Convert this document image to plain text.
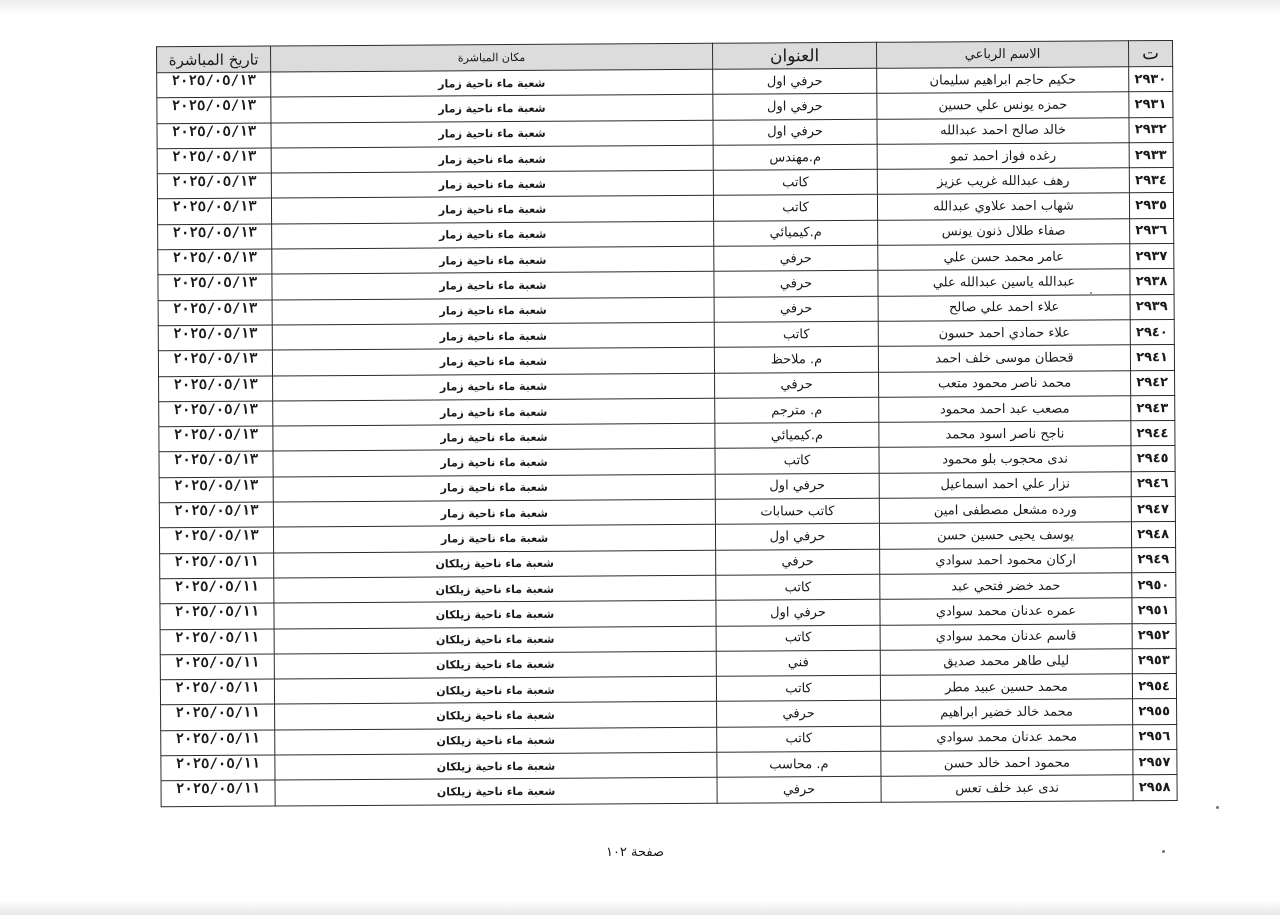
ت	الاسم الرباعي	العنوان	مكان المباشرة	تاريخ المباشرة
٢٩٣٠	حكيم حاجم ابراهيم سليمان	حرفي اول	شعبة ماء ناحية زمار	٢٠٢٥/٠٥/١٣
٢٩٣١	حمزه يونس علي حسين	حرفي اول	شعبة ماء ناحية زمار	٢٠٢٥/٠٥/١٣
٢٩٣٢	خالد صالح احمد عبدالله	حرفي اول	شعبة ماء ناحية زمار	٢٠٢٥/٠٥/١٣
٢٩٣٣	رغده فواز احمد تمو	م.مهندس	شعبة ماء ناحية زمار	٢٠٢٥/٠٥/١٣
٢٩٣٤	رهف عبدالله غريب عزيز	كاتب	شعبة ماء ناحية زمار	٢٠٢٥/٠٥/١٣
٢٩٣٥	شهاب احمد علاوي عبدالله	كاتب	شعبة ماء ناحية زمار	٢٠٢٥/٠٥/١٣
٢٩٣٦	صفاء طلال ذنون يونس	م.كيميائي	شعبة ماء ناحية زمار	٢٠٢٥/٠٥/١٣
٢٩٣٧	عامر محمد حسن علي	حرفي	شعبة ماء ناحية زمار	٢٠٢٥/٠٥/١٣
٢٩٣٨	عبدالله ياسين عبدالله علي	حرفي	شعبة ماء ناحية زمار	٢٠٢٥/٠٥/١٣
٢٩٣٩	علاء احمد علي صالح	حرفي	شعبة ماء ناحية زمار	٢٠٢٥/٠٥/١٣
٢٩٤٠	علاء حمادي احمد حسون	كاتب	شعبة ماء ناحية زمار	٢٠٢٥/٠٥/١٣
٢٩٤١	قحطان موسى خلف احمد	م. ملاحظ	شعبة ماء ناحية زمار	٢٠٢٥/٠٥/١٣
٢٩٤٢	محمد ناصر محمود متعب	حرفي	شعبة ماء ناحية زمار	٢٠٢٥/٠٥/١٣
٢٩٤٣	مصعب عبد احمد محمود	م. مترجم	شعبة ماء ناحية زمار	٢٠٢٥/٠٥/١٣
٢٩٤٤	ناجح ناصر اسود محمد	م.كيميائي	شعبة ماء ناحية زمار	٢٠٢٥/٠٥/١٣
٢٩٤٥	ندى محجوب بلو محمود	كاتب	شعبة ماء ناحية زمار	٢٠٢٥/٠٥/١٣
٢٩٤٦	نزار علي احمد اسماعيل	حرفي اول	شعبة ماء ناحية زمار	٢٠٢٥/٠٥/١٣
٢٩٤٧	ورده مشعل مصطفى امين	كاتب حسابات	شعبة ماء ناحية زمار	٢٠٢٥/٠٥/١٣
٢٩٤٨	يوسف يحيى حسين حسن	حرفي اول	شعبة ماء ناحية زمار	٢٠٢٥/٠٥/١٣
٢٩٤٩	اركان محمود احمد سوادي	حرفي	شعبة ماء ناحية زيلكان	٢٠٢٥/٠٥/١١
٢٩٥٠	حمد خضر فتحي عبد	كاتب	شعبة ماء ناحية زيلكان	٢٠٢٥/٠٥/١١
٢٩٥١	عمره عدنان محمد سوادي	حرفي اول	شعبة ماء ناحية زيلكان	٢٠٢٥/٠٥/١١
٢٩٥٢	قاسم عدنان محمد سوادي	كاتب	شعبة ماء ناحية زيلكان	٢٠٢٥/٠٥/١١
٢٩٥٣	ليلى طاهر محمد صديق	فني	شعبة ماء ناحية زيلكان	٢٠٢٥/٠٥/١١
٢٩٥٤	محمد حسين عبيد مطر	كاتب	شعبة ماء ناحية زيلكان	٢٠٢٥/٠٥/١١
٢٩٥٥	محمد خالد خضير ابراهيم	حرفي	شعبة ماء ناحية زيلكان	٢٠٢٥/٠٥/١١
٢٩٥٦	محمد عدنان محمد سوادي	كاتب	شعبة ماء ناحية زيلكان	٢٠٢٥/٠٥/١١
٢٩٥٧	محمود احمد خالد حسن	م. محاسب	شعبة ماء ناحية زيلكان	٢٠٢٥/٠٥/١١
٢٩٥٨	ندى عبد خلف تعس	حرفي	شعبة ماء ناحية زيلكان	٢٠٢٥/٠٥/١١
صفحة ١٠٢
